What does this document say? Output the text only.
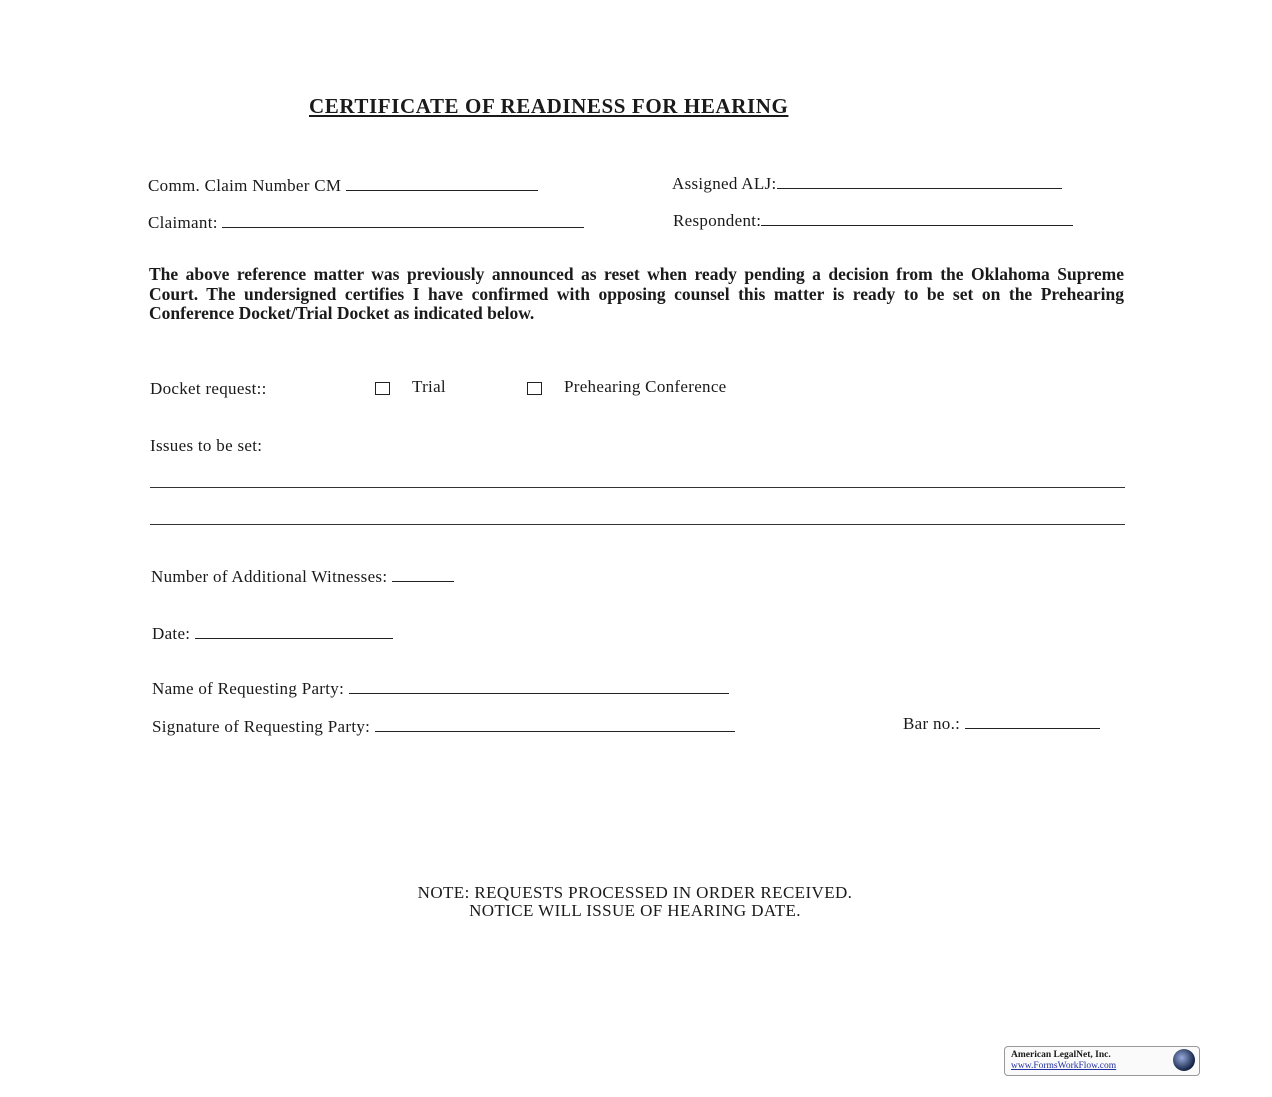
CERTIFICATE OF READINESS FOR HEARING
Comm. Claim Number CM	Assigned ALJ:
Claimant:	Respondent:
The above reference matter was previously announced as reset when ready pending a decision from the Oklahoma Supreme Court. The undersigned certifies I have confirmed with opposing counsel this matter is ready to be set on the Prehearing Conference Docket/Trial Docket as indicated below.
Docket request::	Trial	Prehearing Conference
Issues to be set:
Number of Additional Witnesses:
Date:
Name of Requesting Party:
Signature of Requesting Party:	Bar no.:
NOTE: REQUESTS PROCESSED IN ORDER RECEIVED.
NOTICE WILL ISSUE OF HEARING DATE.
American LegalNet, Inc.
www.FormsWorkFlow.com
